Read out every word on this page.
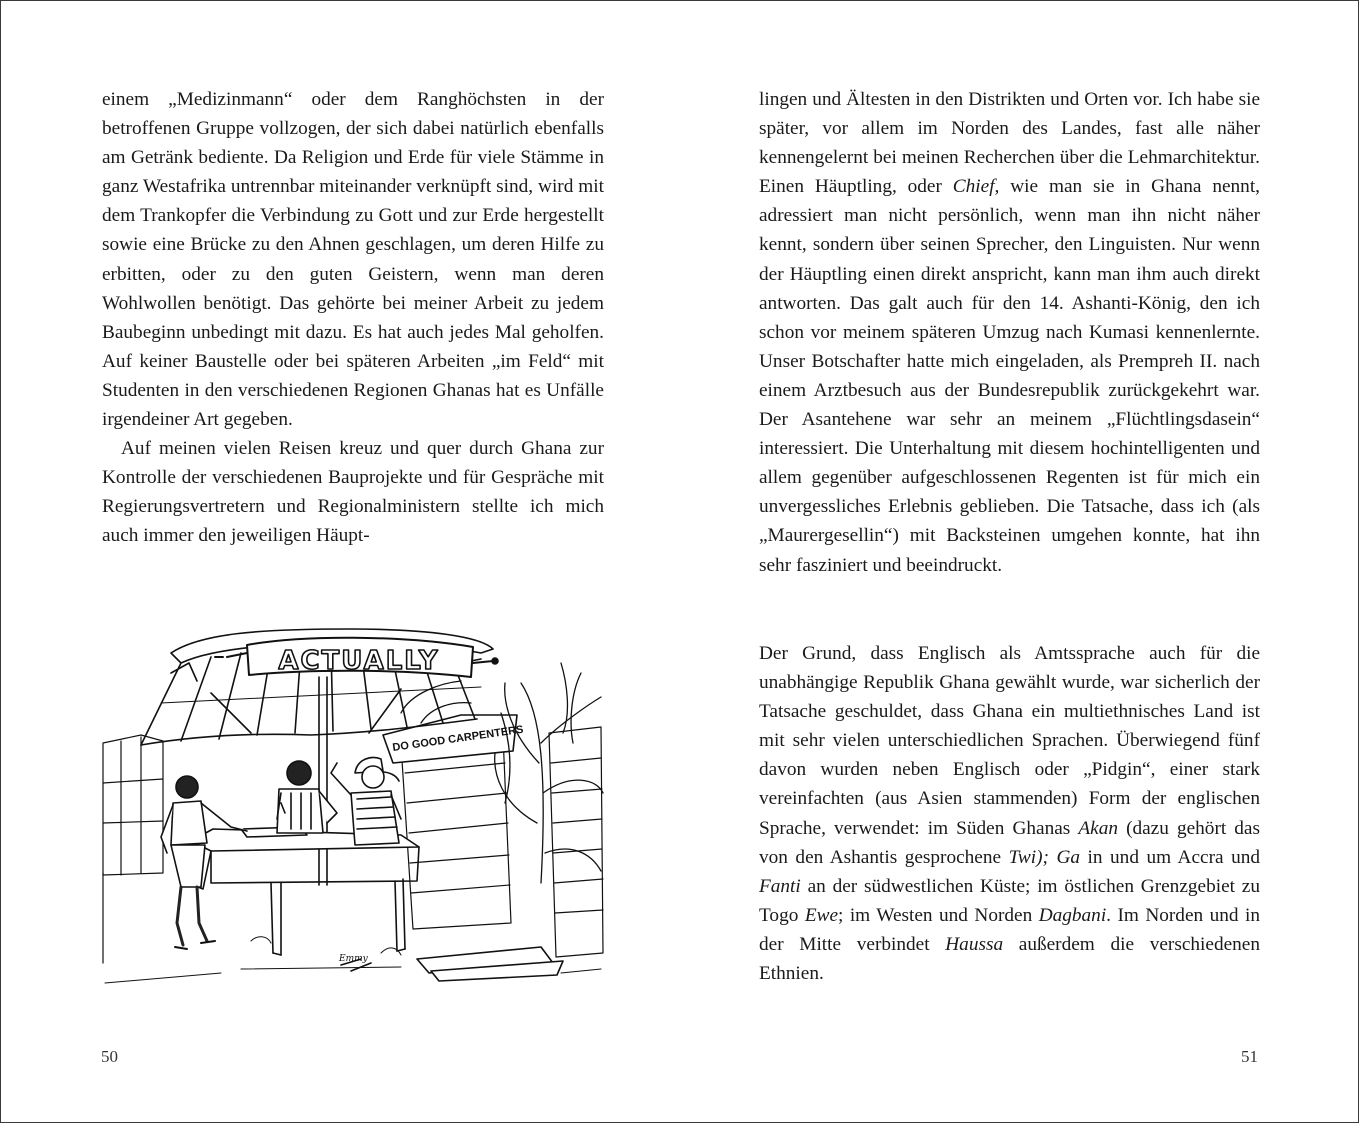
einem „Medizinmann“ oder dem Ranghöchsten in der betroffenen Gruppe vollzogen, der sich dabei natürlich ebenfalls am Getränk bediente. Da Religion und Erde für viele Stämme in ganz Westafrika untrennbar miteinander verknüpft sind, wird mit dem Trankopfer die Verbindung zu Gott und zur Erde hergestellt sowie eine Brücke zu den Ahnen geschlagen, um deren Hilfe zu erbitten, oder zu den guten Geistern, wenn man deren Wohlwollen benötigt. Das gehörte bei meiner Arbeit zu jedem Baubeginn unbedingt mit dazu. Es hat auch jedes Mal geholfen. Auf keiner Baustelle oder bei späteren Arbeiten „im Feld“ mit Studenten in den verschiedenen Regionen Ghanas hat es Unfälle irgendeiner Art gegeben.

Auf meinen vielen Reisen kreuz und quer durch Ghana zur Kontrolle der verschiedenen Bauprojekte und für Gespräche mit Regierungsvertretern und Regionalministern stellte ich mich auch immer den jeweiligen Häupt-

DO GOOD CARPENTERS
ACTUALLY
Emmy
50

lingen und Ältesten in den Distrikten und Orten vor. Ich habe sie später, vor allem im Norden des Landes, fast alle näher kennengelernt bei meinen Recherchen über die Lehmarchitektur. Einen Häuptling, oder Chief, wie man sie in Ghana nennt, adressiert man nicht persönlich, wenn man ihn nicht näher kennt, sondern über seinen Sprecher, den Linguisten. Nur wenn der Häuptling einen direkt anspricht, kann man ihm auch direkt antworten. Das galt auch für den 14. Ashanti-König, den ich schon vor meinem späteren Umzug nach Kumasi kennenlernte. Unser Botschafter hatte mich eingeladen, als Prempreh II. nach einem Arztbesuch aus der Bundesrepublik zurückgekehrt war. Der Asantehene war sehr an meinem „Flüchtlingsdasein“ interessiert. Die Unterhaltung mit diesem hochintelligenten und allem gegenüber aufgeschlossenen Regenten ist für mich ein unvergessliches Erlebnis geblieben. Die Tatsache, dass ich (als „Maurergesellin“) mit Backsteinen umgehen konnte, hat ihn sehr fasziniert und beeindruckt.

Der Grund, dass Englisch als Amtssprache auch für die unabhängige Republik Ghana gewählt wurde, war sicherlich der Tatsache geschuldet, dass Ghana ein multiethnisches Land ist mit sehr vielen unterschiedlichen Sprachen. Überwiegend fünf davon wurden neben Englisch oder „Pidgin“, einer stark vereinfachten (aus Asien stammenden) Form der englischen Sprache, verwendet: im Süden Ghanas Akan (dazu gehört das von den Ashantis gesprochene Twi); Ga in und um Accra und Fanti an der südwestlichen Küste; im östlichen Grenzgebiet zu Togo Ewe; im Westen und Norden Dagbani. Im Norden und in der Mitte verbindet Haussa außerdem die verschiedenen Ethnien.

51
